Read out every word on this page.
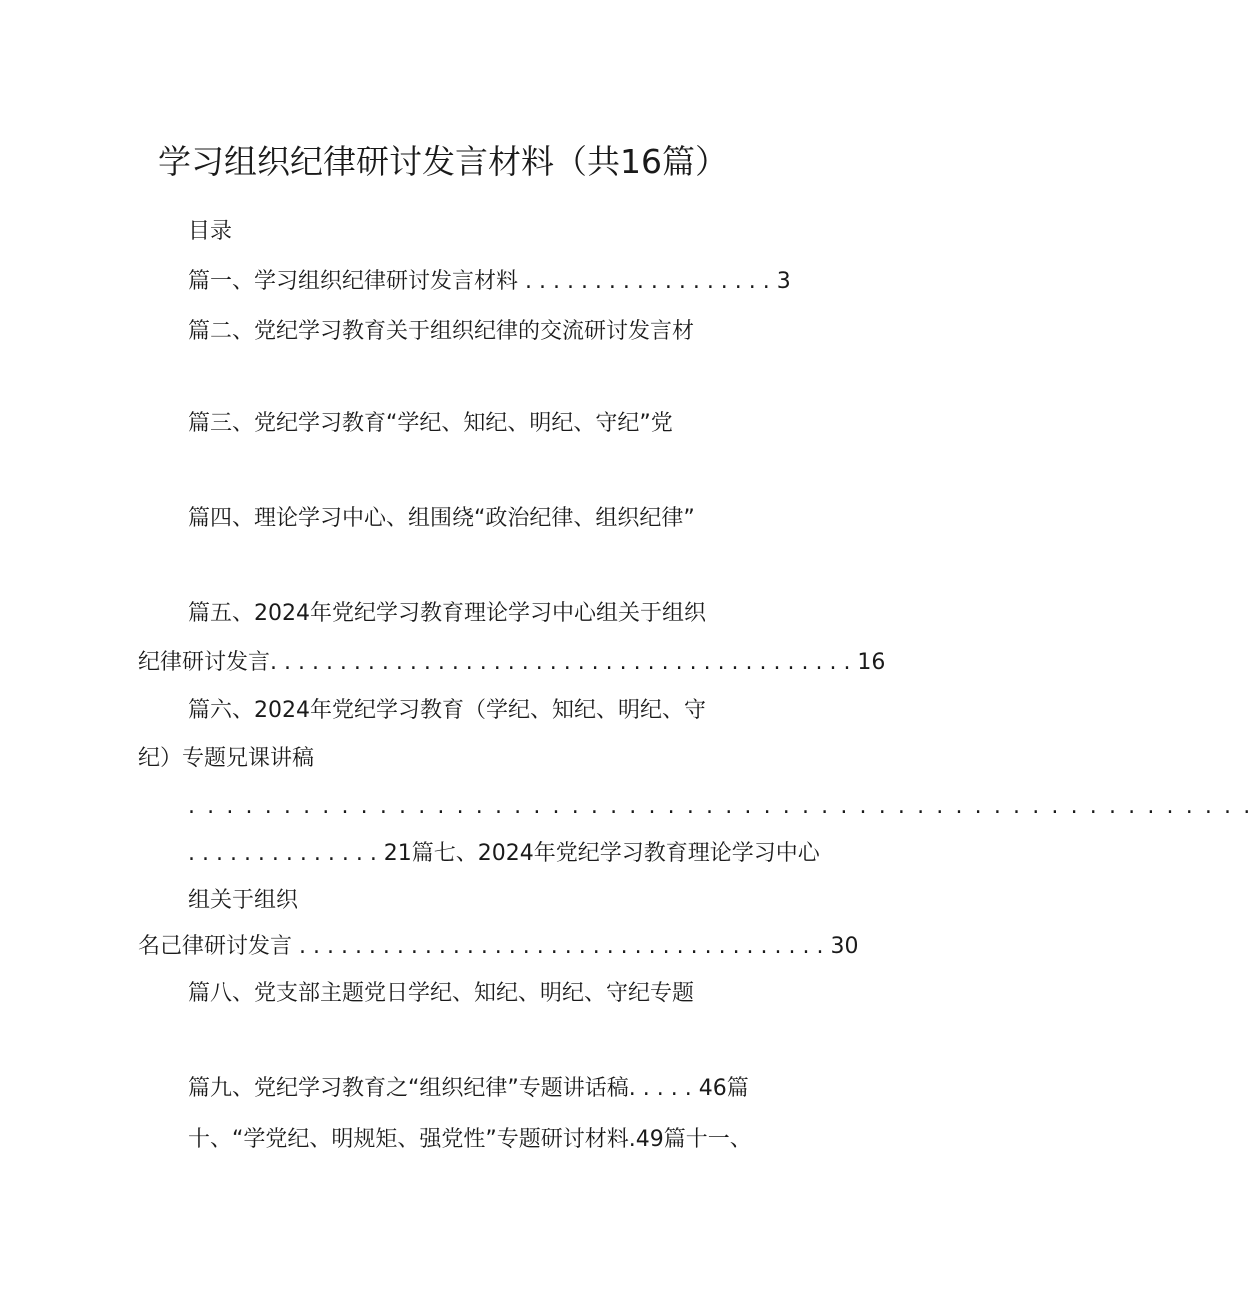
学习组织纪律研讨发言材料（共16篇）
目录
篇一、学习组织纪律研讨发言材料 . . . . . . . . . . . . . . . . . . 3
篇二、党纪学习教育关于组织纪律的交流研讨发言材
篇三、党纪学习教育“学纪、知纪、明纪、守纪”党
篇四、理论学习中心、组围绕“政治纪律、组织纪律”
篇五、2024年党纪学习教育理论学习中心组关于组织
纪律研讨发言. . . . . . . . . . . . . . . . . . . . . . . . . . . . . . . . . . . . . . . . . . 16
篇六、2024年党纪学习教育（学纪、知纪、明纪、守
纪）专题兄课讲稿
. . . . . . . . . . . . . . . . . . . . . . . . . . . . . . . . . . . . . . . . . . . . . . . . . . . . . . . .
. . . . . . . . . . . . . . 21篇七、2024年党纪学习教育理论学习中心
组关于组织
名己律研讨发言 . . . . . . . . . . . . . . . . . . . . . . . . . . . . . . . . . . . . . . 30
篇八、党支部主题党日学纪、知纪、明纪、守纪专题
篇九、党纪学习教育之“组织纪律”专题讲话稿. . . . . 46篇
十、“学党纪、明规矩、强党性”专题研讨材料.49篇十一、
